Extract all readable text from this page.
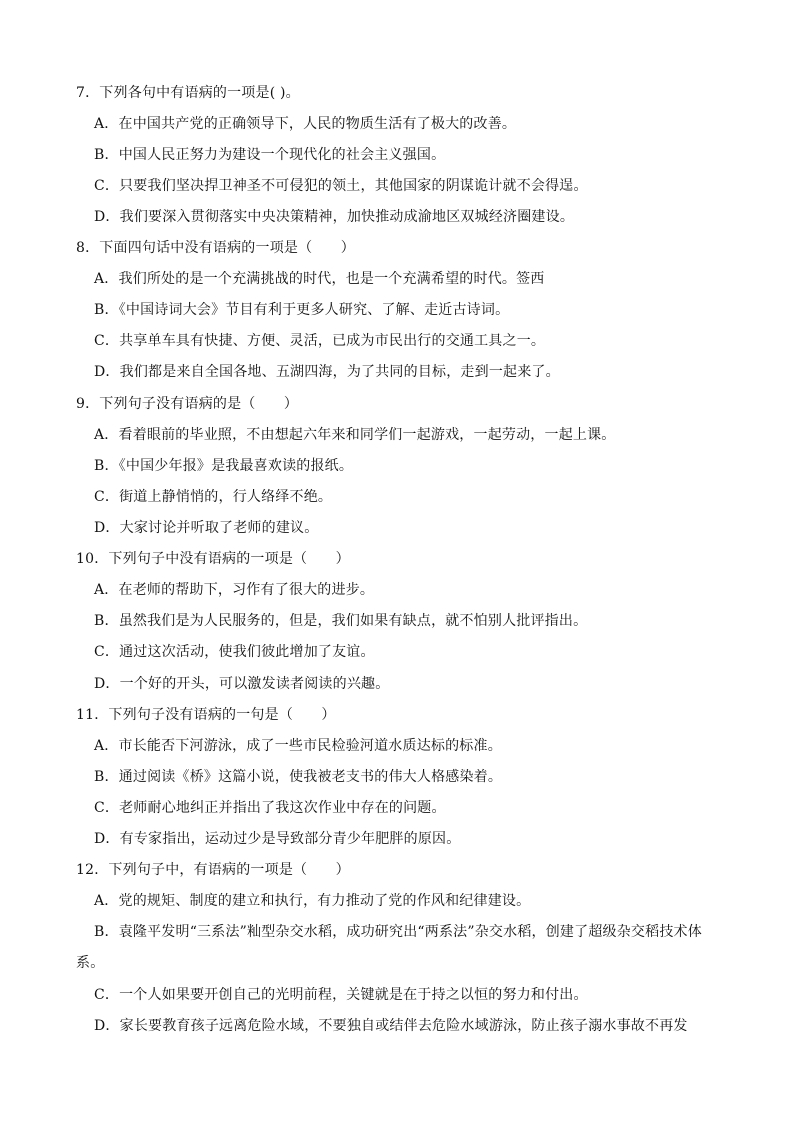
7．下列各句中有语病的一项是( )。
A．在中国共产党的正确领导下，人民的物质生活有了极大的改善。
B．中国人民正努力为建设一个现代化的社会主义强国。
C．只要我们坚决捍卫神圣不可侵犯的领土，其他国家的阴谋诡计就不会得逞。
D．我们要深入贯彻落实中央决策精神，加快推动成渝地区双城经济圈建设。
8．下面四句话中没有语病的一项是（　　）
A．我们所处的是一个充满挑战的时代，也是一个充满希望的时代。签西
B．《中国诗词大会》节目有利于更多人研究、了解、走近古诗词。
C．共享单车具有快捷、方便、灵活，已成为市民出行的交通工具之一。
D．我们都是来自全国各地、五湖四海，为了共同的目标，走到一起来了。
9．下列句子没有语病的是（　　）
A．看着眼前的毕业照，不由想起六年来和同学们一起游戏，一起劳动，一起上课。
B．《中国少年报》是我最喜欢读的报纸。
C．街道上静悄悄的，行人络绎不绝。
D．大家讨论并听取了老师的建议。
10．下列句子中没有语病的一项是（　　）
A．在老师的帮助下，习作有了很大的进步。
B．虽然我们是为人民服务的，但是，我们如果有缺点，就不怕别人批评指出。
C．通过这次活动，使我们彼此增加了友谊。
D．一个好的开头，可以激发读者阅读的兴趣。
11．下列句子没有语病的一句是（　　）
A．市长能否下河游泳，成了一些市民检验河道水质达标的标准。
B．通过阅读《桥》这篇小说，使我被老支书的伟大人格感染着。
C．老师耐心地纠正并指出了我这次作业中存在的问题。
D．有专家指出，运动过少是导致部分青少年肥胖的原因。
12．下列句子中，有语病的一项是（　　）
A．党的规矩、制度的建立和执行，有力推动了党的作风和纪律建设。
B．袁隆平发明“三系法”籼型杂交水稻，成功研究出“两系法”杂交水稻，创建了超级杂交稻技术体
系。
C．一个人如果要开创自己的光明前程，关键就是在于持之以恒的努力和付出。
D．家长要教育孩子远离危险水域，不要独自或结伴去危险水域游泳，防止孩子溺水事故不再发
